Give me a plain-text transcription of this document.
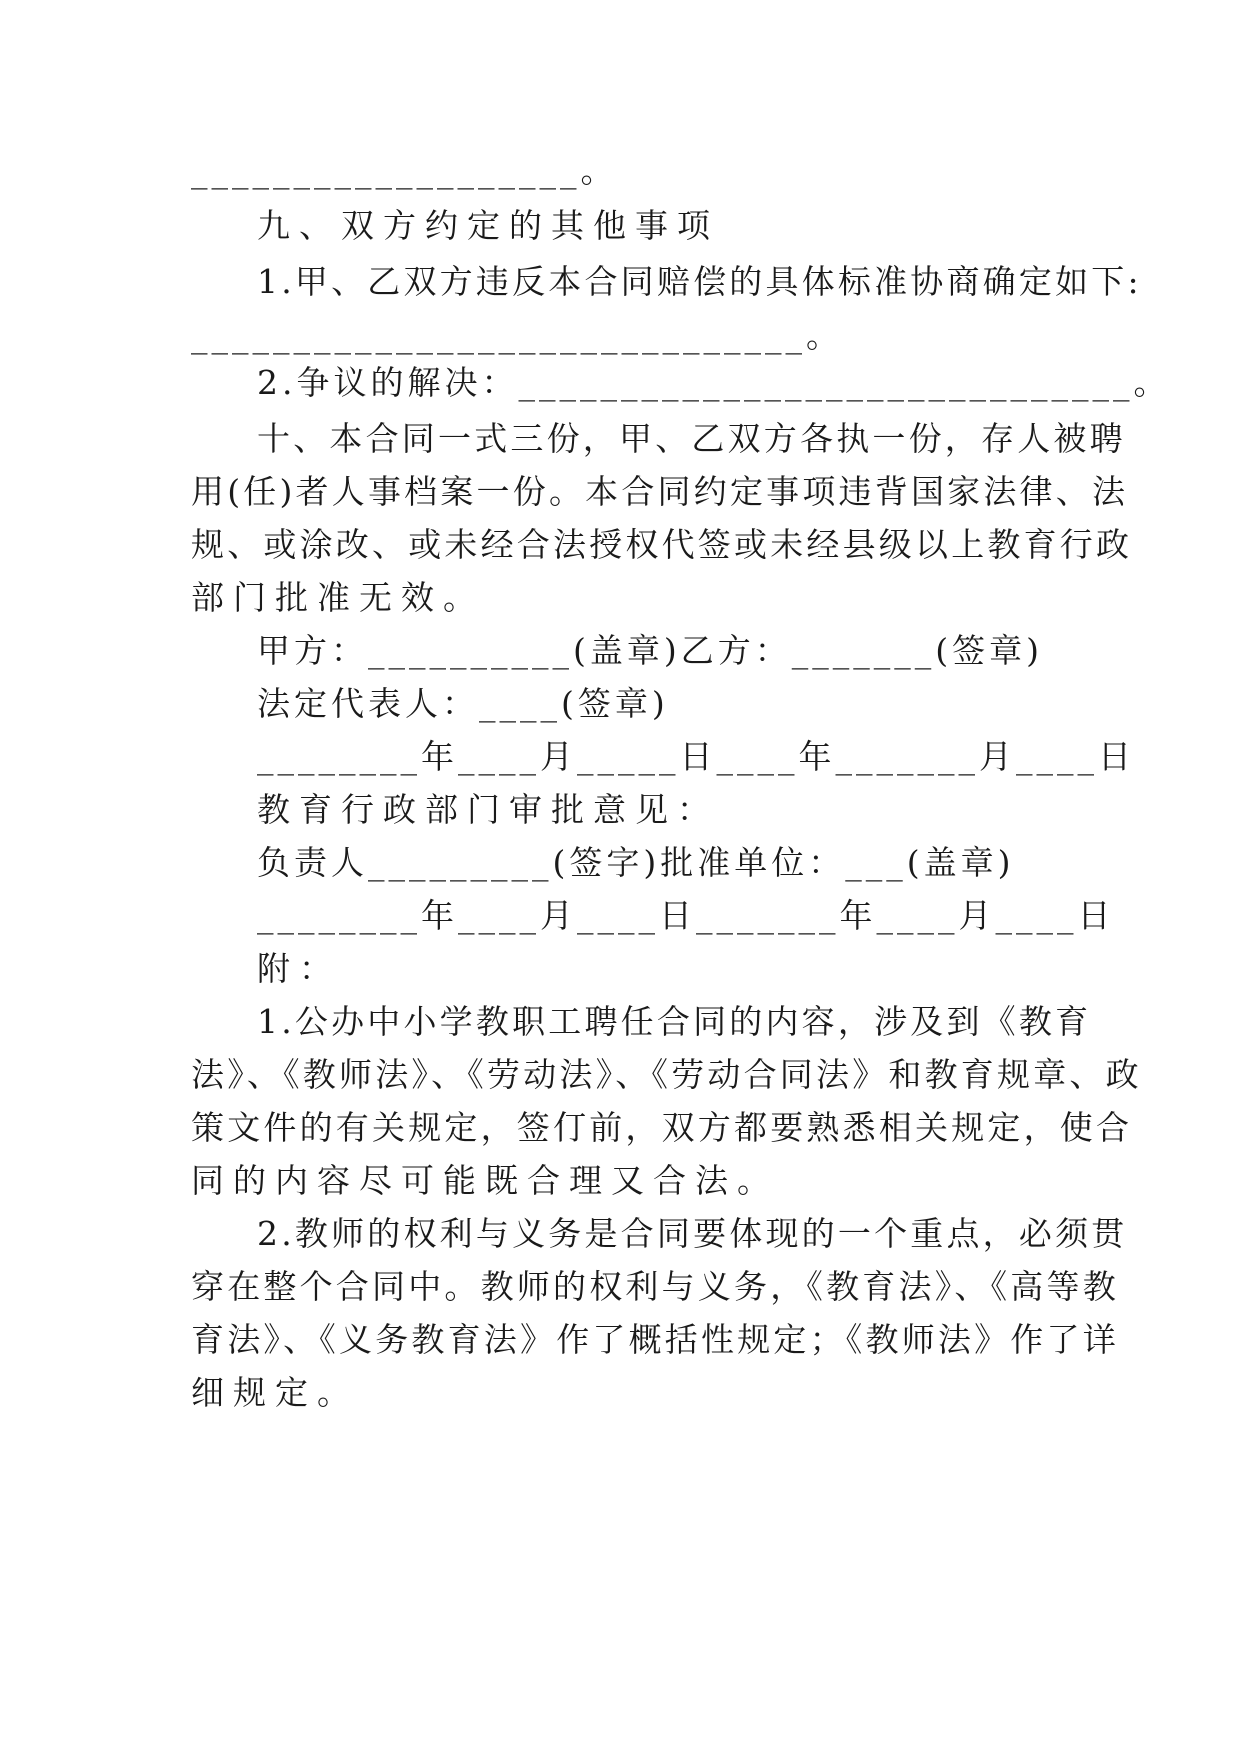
___________________。
九、双方约定的其他事项
1.甲、乙双方违反本合同赔偿的具体标准协商确定如下:
______________________________。
2.争议的解决：______________________________。
十、本合同一式三份，甲、乙双方各执一份，存人被聘
用(任)者人事档案一份。本合同约定事项违背国家法律、法
规、或涂改、或未经合法授权代签或未经县级以上教育行政
部门批准无效。
甲方：__________(盖章)乙方：_______(签章)
法定代表人：____(签章)
________年____月_____日____年_______月____日
教育行政部门审批意见：
负责人_________(签字)批准单位：___(盖章)
________年____月____日_______年____月____日
附：
1.公办中小学教职工聘任合同的内容，涉及到《教育
法》、《教师法》、《劳动法》、《劳动合同法》和教育规章、政
策文件的有关规定，签仃前，双方都要熟悉相关规定，使合
同的内容尽可能既合理又合法。
2.教师的权利与义务是合同要体现的一个重点，必须贯
穿在整个合同中。教师的权利与义务，《教育法》、《高等教
育法》、《义务教育法》作了概括性规定；《教师法》作了详
细规定。
